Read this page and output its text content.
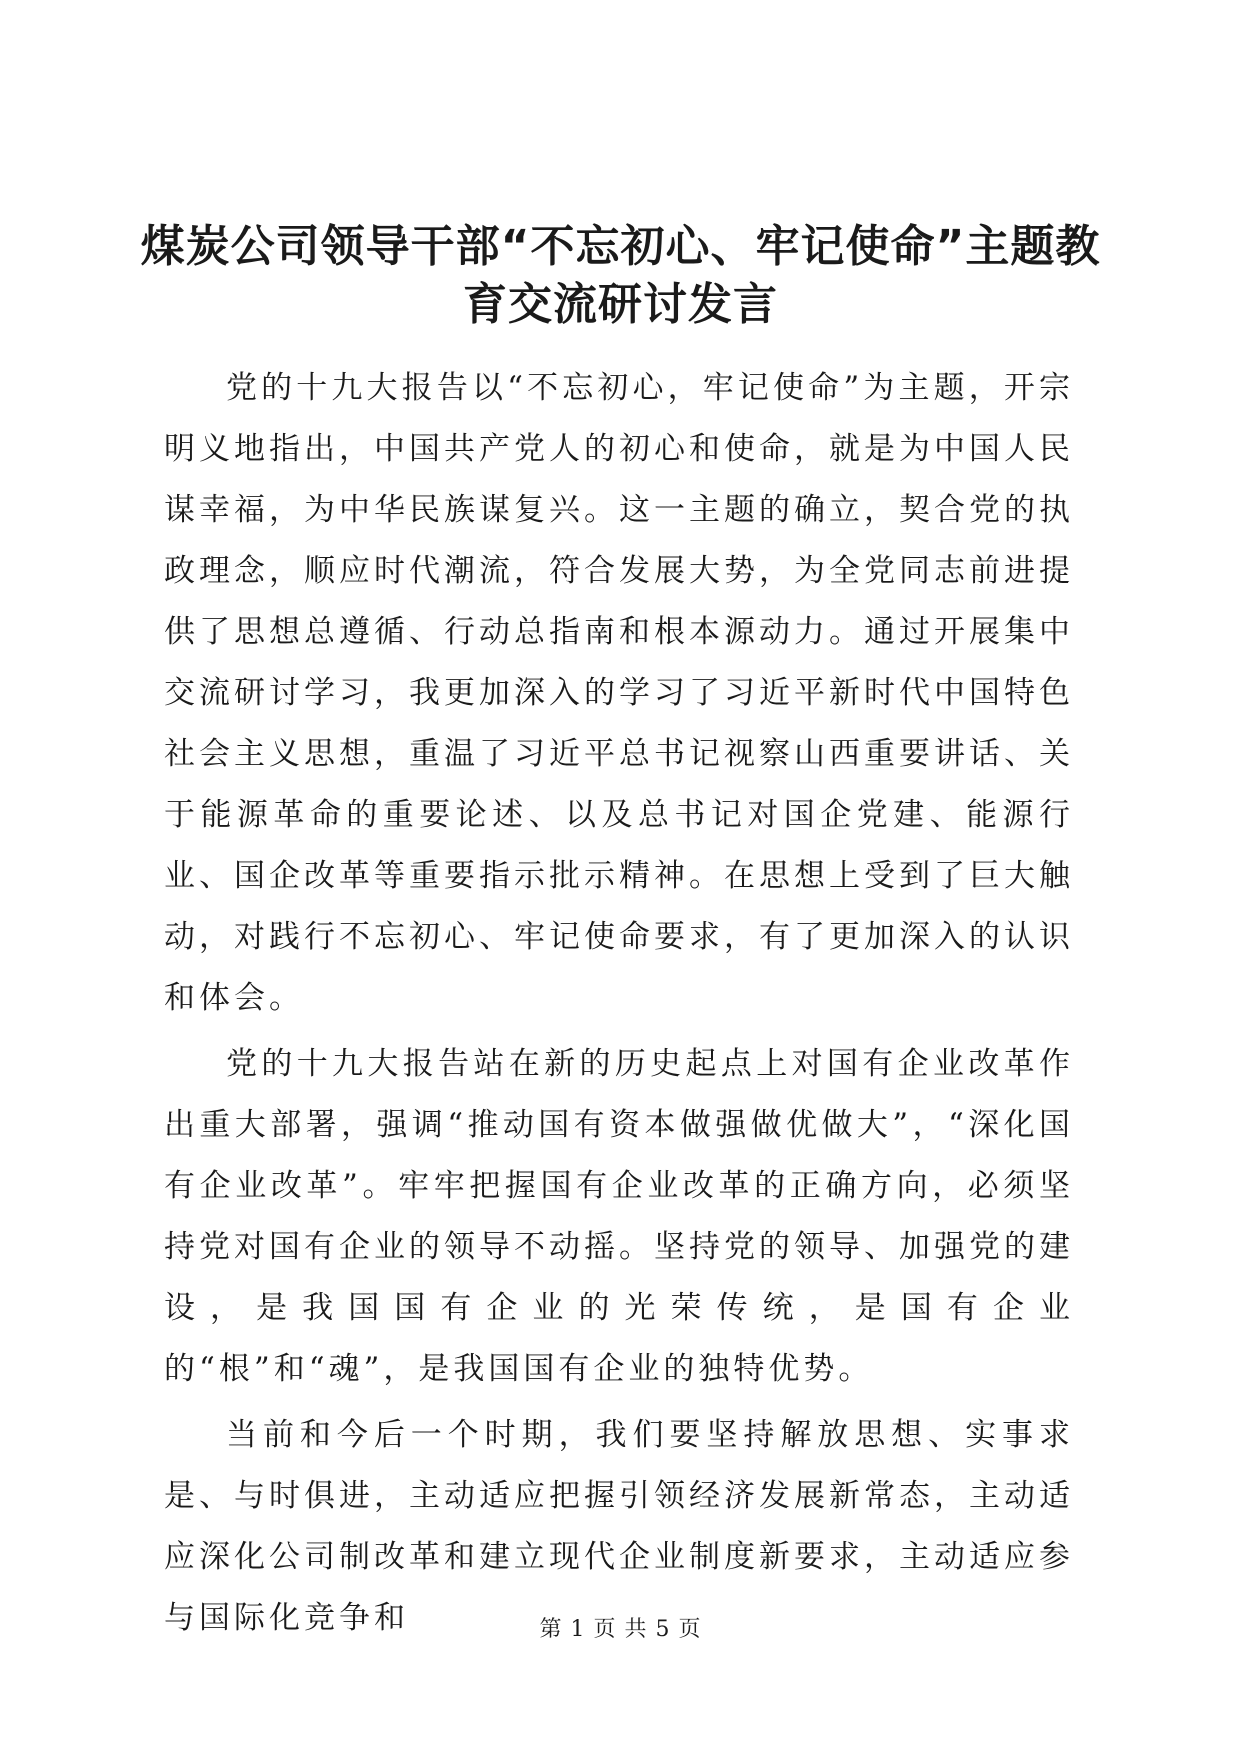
煤炭公司领导干部“不忘初心、牢记使命”主题教育交流研讨发言

党的十九大报告以“不忘初心，牢记使命”为主题，开宗明义地指出，中国共产党人的初心和使命，就是为中国人民谋幸福，为中华民族谋复兴。这一主题的确立，契合党的执政理念，顺应时代潮流，符合发展大势，为全党同志前进提供了思想总遵循、行动总指南和根本源动力。通过开展集中交流研讨学习，我更加深入的学习了习近平新时代中国特色社会主义思想，重温了习近平总书记视察山西重要讲话、关于能源革命的重要论述、以及总书记对国企党建、能源行业、国企改革等重要指示批示精神。在思想上受到了巨大触动，对践行不忘初心、牢记使命要求，有了更加深入的认识和体会。

党的十九大报告站在新的历史起点上对国有企业改革作出重大部署，强调“推动国有资本做强做优做大”，“深化国有企业改革”。牢牢把握国有企业改革的正确方向，必须坚持党对国有企业的领导不动摇。坚持党的领导、加强党的建设，是我国国有企业的光荣传统，是国有企业的“根”和“魂”，是我国国有企业的独特优势。

当前和今后一个时期，我们要坚持解放思想、实事求是、与时俱进，主动适应把握引领经济发展新常态，主动适应深化公司制改革和建立现代企业制度新要求，主动适应参与国际化竞争和	第 1 页 共 5 页
